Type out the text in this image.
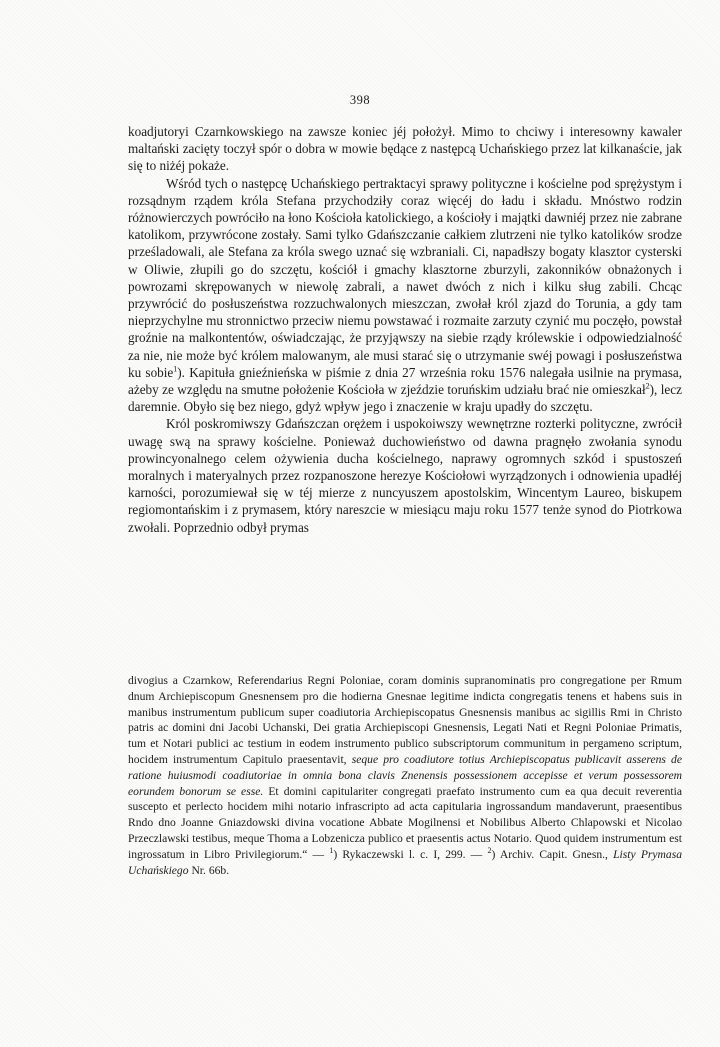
398

koadjutoryi Czarnkowskiego na zawsze koniec jéj położył. Mimo to chciwy i interesowny kawaler maltański zacięty toczył spór o dobra w mowie będące z następcą Uchańskiego przez lat kilkanaście, jak się to niżéj pokaże.

Wśród tych o następcę Uchańskiego pertraktacyi sprawy polityczne i kościelne pod sprężystym i rozsądnym rządem króla Stefana przychodziły coraz więcéj do ładu i składu. Mnóstwo rodzin różnowierczych powróciło na łono Kościoła katolickiego, a kościoły i majątki dawniéj przez nie zabrane katolikom, przywrócone zostały. Sami tylko Gdańszczanie całkiem zlutrzeni nie tylko katolików srodze prześladowali, ale Stefana za króla swego uznać się wzbraniali. Ci, napadłszy bogaty klasztor cysterski w Oliwie, złupili go do szczętu, kościół i gmachy klasztorne zburzyli, zakonników obnażonych i powrozami skrępowanych w niewolę zabrali, a nawet dwóch z nich i kilku sług zabili. Chcąc przywrócić do posłuszeństwa rozzuchwalonych mieszczan, zwołał król zjazd do Torunia, a gdy tam nieprzychylne mu stronnictwo przeciw niemu powstawać i rozmaite zarzuty czynić mu poczęło, powstał groźnie na malkontentów, oświadczając, że przyjąwszy na siebie rządy królewskie i odpowiedzialność za nie, nie może być królem malowanym, ale musi starać się o utrzymanie swéj powagi i posłuszeństwa ku sobie$^1$). Kapituła gnieźnieńska w piśmie z dnia 27 września roku 1576 nalegała usilnie na prymasa, ażeby ze względu na smutne położenie Kościoła w zjeździe toruńskim udziału brać nie omieszkał$^2$), lecz daremnie. Obyło się bez niego, gdyż wpływ jego i znaczenie w kraju upadły do szczętu.

Król poskromiwszy Gdańszczan orężem i uspokoiwszy wewnętrzne rozterki polityczne, zwrócił uwagę swą na sprawy kościelne. Ponieważ duchowieństwo od dawna pragnęło zwołania synodu prowincyonalnego celem ożywienia ducha kościelnego, naprawy ogromnych szkód i spustoszeń moralnych i materyalnych przez rozpanoszone herezye Kościołowi wyrządzonych i odnowienia upadłéj karności, porozumiewał się w téj mierze z nuncyuszem apostolskim, Wincentym Laureo, biskupem regiomontańskim i z prymasem, który nareszcie w miesiącu maju roku 1577 tenże synod do Piotrkowa zwołali. Poprzednio odbył prymas

divogius a Czarnkow, Referendarius Regni Poloniae, coram dominis supranominatis pro congregatione per Rmum dnum Archiepiscopum Gnesnensem pro die hodierna Gnesnae legitime indicta congregatis tenens et habens suis in manibus instrumentum publicum super coadiutoria Archiepiscopatus Gnesnensis manibus ac sigillis Rmi in Christo patris ac domini dni Jacobi Uchanski, Dei gratia Archiepiscopi Gnesnensis, Legati Nati et Regni Poloniae Primatis, tum et Notari publici ac testium in eodem instrumento publico subscriptorum communitum in pergameno scriptum, hocidem instrumentum Capitulo praesentavit, seque pro coadiutore totius Archiepiscopatus publicavit asserens de ratione huiusmodi coadiutoriae in omnia bona clavis Znenensis possessionem accepisse et verum possessorem eorundem bonorum se esse. Et domini capitulariter congregati praefato instrumento cum ea qua decuit reverentia suscepto et perlecto hocidem mihi notario infrascripto ad acta capitularia ingrossandum mandaverunt, praesentibus Rndo dno Joanne Gniazdowski divina vocatione Abbate Mogilnensi et Nobilibus Alberto Chlapowski et Nicolao Przeczlawski testibus, meque Thoma a Lobzenicza publico et praesentis actus Notario. Quod quidem instrumentum est ingrossatum in Libro Privilegiorum.“ — $^1$) Rykaczewski l. c. I, 299. — $^2$) Archiv. Capit. Gnesn., Listy Prymasa Uchańskiego Nr. 66b.
